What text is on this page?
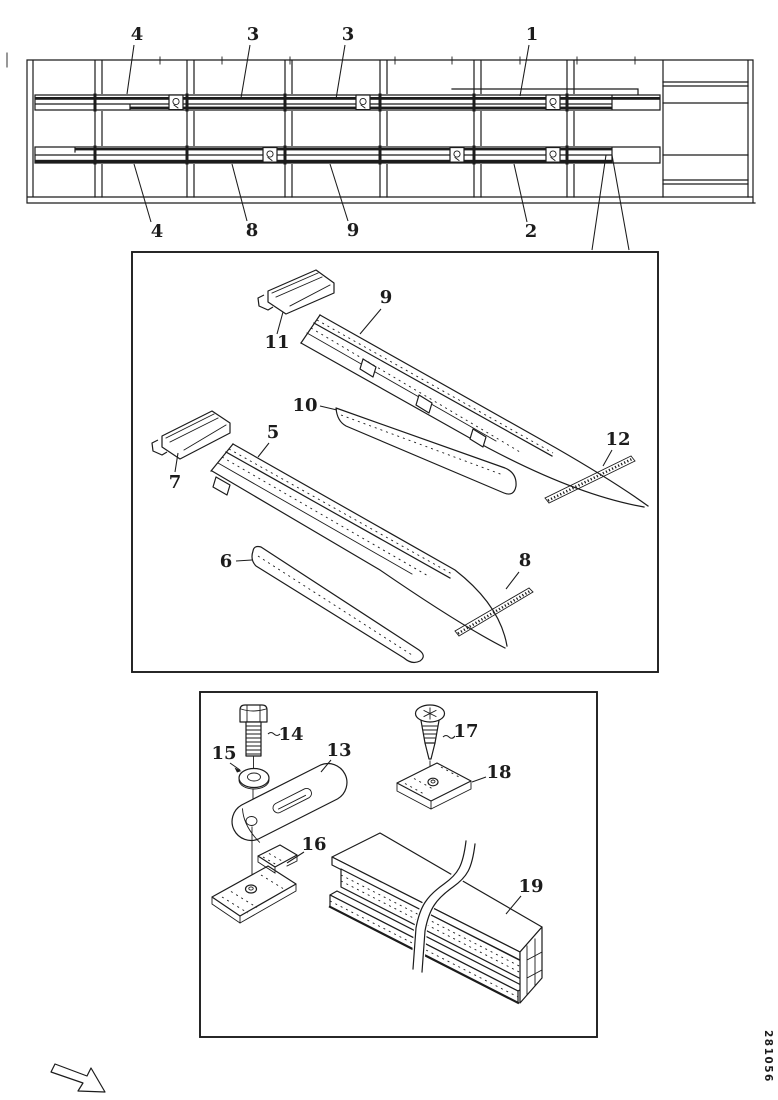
4	3	3	1
4	8	9	2
11
9
10
7
5	12
6	8
14
15	13
17
18
16
19
281056
